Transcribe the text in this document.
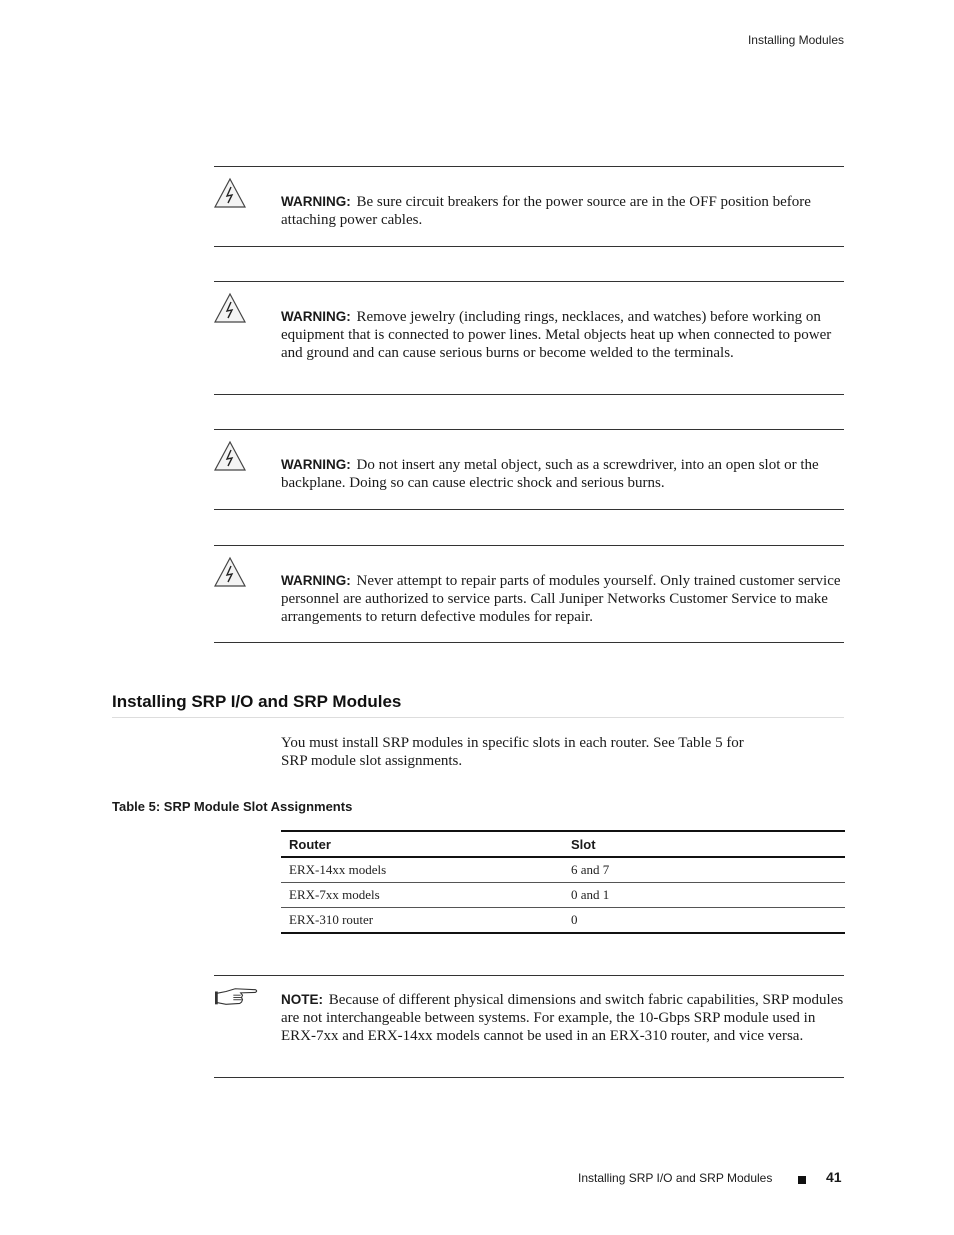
Installing Modules
WARNING: Be sure circuit breakers for the power source are in the OFF position before attaching power cables.
WARNING: Remove jewelry (including rings, necklaces, and watches) before working on equipment that is connected to power lines. Metal objects heat up when connected to power and ground and can cause serious burns or become welded to the terminals.
WARNING: Do not insert any metal object, such as a screwdriver, into an open slot or the backplane. Doing so can cause electric shock and serious burns.
WARNING: Never attempt to repair parts of modules yourself. Only trained customer service personnel are authorized to service parts. Call Juniper Networks Customer Service to make arrangements to return defective modules for repair.
Installing SRP I/O and SRP Modules

You must install SRP modules in specific slots in each router. See Table 5 for SRP module slot assignments.

Table 5: SRP Module Slot Assignments
Router	Slot
ERX-14xx models	6 and 7
ERX-7xx models	0 and 1
ERX-310 router	0
NOTE: Because of different physical dimensions and switch fabric capabilities, SRP modules are not interchangeable between systems. For example, the 10-Gbps SRP module used in ERX-7xx and ERX-14xx models cannot be used in an ERX-310 router, and vice versa.
Installing SRP I/O and SRP Modules	41
